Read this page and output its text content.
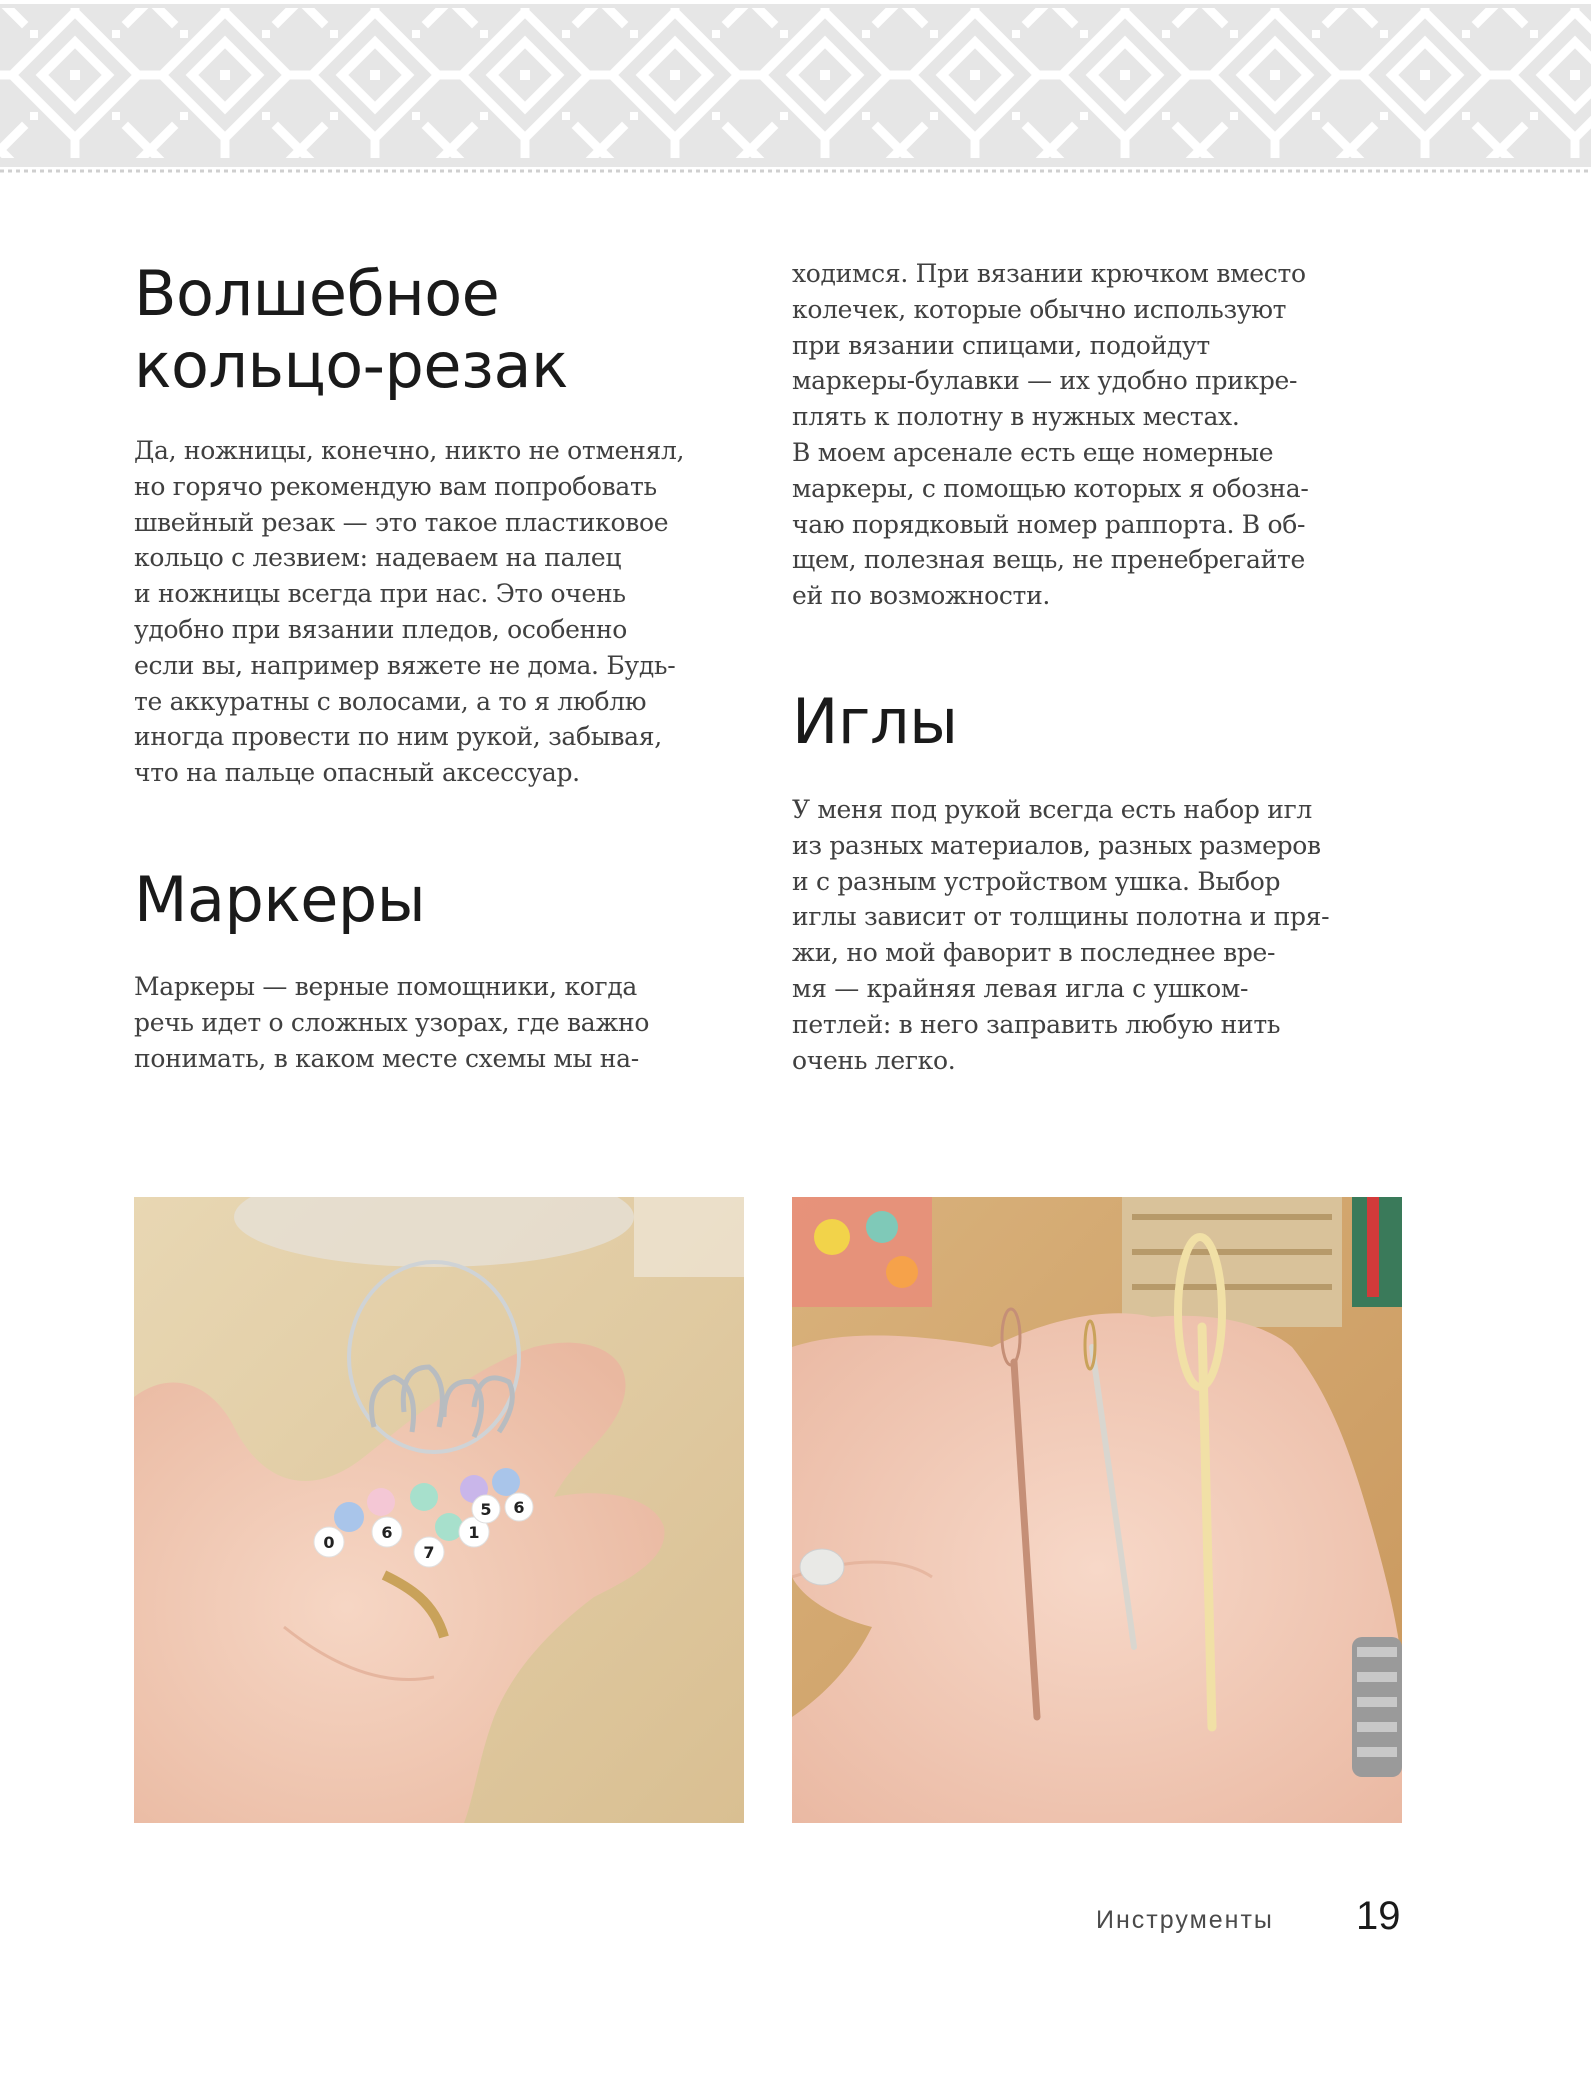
Волшебное
кольцо-резак

Да, ножницы, конечно, никто не отменял,
но горячо рекомендую вам попробовать
швейный резак — это такое пластиковое
кольцо с лезвием: надеваем на палец
и ножницы всегда при нас. Это очень
удобно при вязании пледов, особенно
если вы, например вяжете не дома. Будь-
те аккуратны с волосами, а то я люблю
иногда провести по ним рукой, забывая,
что на пальце опасный аксессуар.

Маркеры

Маркеры — верные помощники, когда
речь идет о сложных узорах, где важно
понимать, в каком месте схемы мы на-

ходимся. При вязании крючком вместо
колечек, которые обычно используют
при вязании спицами, подойдут
маркеры-булавки — их удобно прикре-
плять к полотну в нужных местах.
В моем арсенале есть еще номерные
маркеры, с помощью которых я обозна-
чаю порядковый номер раппорта. В об-
щем, полезная вещь, не пренебрегайте
ей по возможности.

Иглы

У меня под рукой всегда есть набор игл
из разных материалов, разных размеров
и с разным устройством ушка. Выбор
иглы зависит от толщины полотна и пря-
жи, но мой фаворит в последнее вре-
мя — крайняя левая игла с ушком-
петлей: в него заправить любую нить
очень легко.

0
6
7
1
5 6
Инструменты 19
